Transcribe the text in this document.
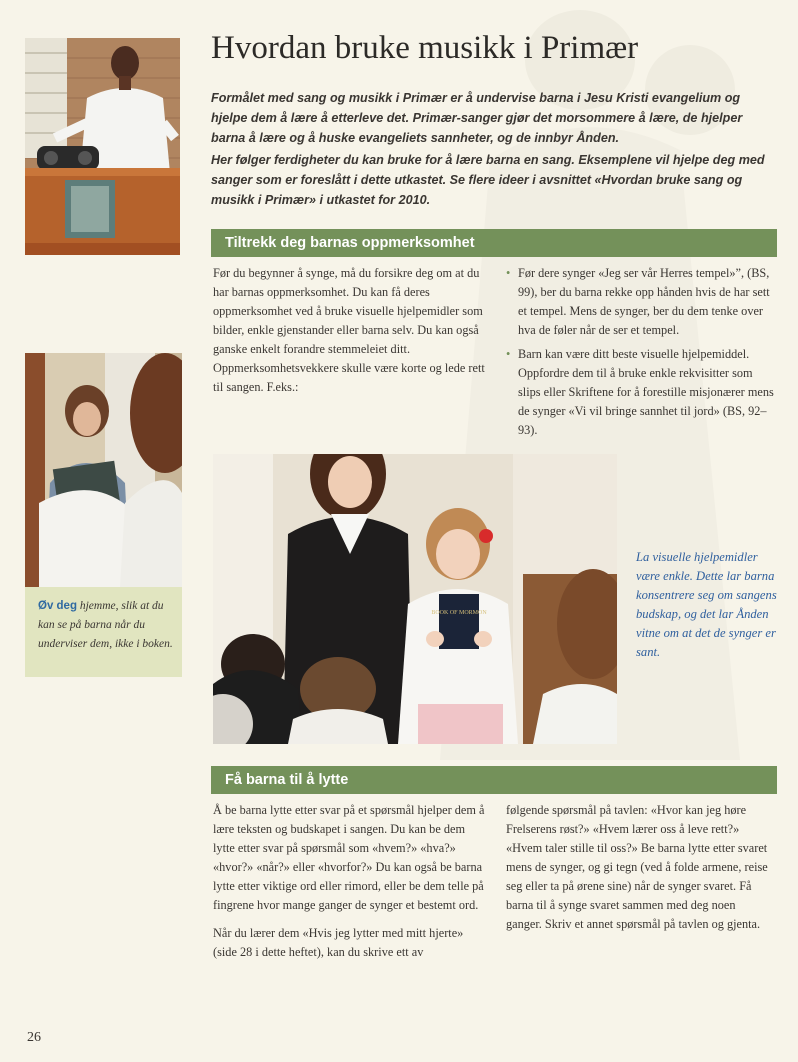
Øv deg hjemme, slik at du kan se på barna når du underviser dem, ikke i boken.

Hvordan bruke musikk i Primær

Formålet med sang og musikk i Primær er å undervise barna i Jesu Kristi evangelium og hjelpe dem å lære å etterleve det. Primær-sanger gjør det morsommere å lære, de hjelper barna å lære og å huske evangeliets sannheter, og de innbyr Ånden.

Her følger ferdigheter du kan bruke for å lære barna en sang. Eksemplene vil hjelpe deg med sanger som er foreslått i dette utkastet. Se flere ideer i avsnittet «Hvordan bruke sang og musikk i Primær» i utkastet for 2010.

Tiltrekk deg barnas oppmerksomhet

Før du begynner å synge, må du forsikre deg om at du har barnas oppmerksomhet. Du kan få deres oppmerksomhet ved å bruke visuelle hjelpemidler som bilder, enkle gjenstander eller barna selv. Du kan også ganske enkelt forandre stemmeleiet ditt. Oppmerksomhetsvekkere skulle være korte og lede rett til sangen. F.eks.:

• Før dere synger «Jeg ser vår Herres tempel»”, (BS, 99), ber du barna rekke opp hånden hvis de har sett et tempel. Mens de synger, ber du dem tenke over hva de føler når de ser et tempel.
• Barn kan være ditt beste visuelle hjelpemiddel. Oppfordre dem til å bruke enkle rekvisitter som slips eller Skriftene for å forestille misjonærer mens de synger «Vi vil bringe sannhet til jord» (BS, 92–93).
BOOK OF MORMON

La visuelle hjelpemidler være enkle. Dette lar barna konsentrere seg om sangens budskap, og det lar Ånden vitne om at det de synger er sant.

Få barna til å lytte

Å be barna lytte etter svar på et spørsmål hjelper dem å lære teksten og budskapet i sangen. Du kan be dem lytte etter svar på spørsmål som «hvem?» «hva?» «hvor?» «når?» eller «hvorfor?» Du kan også be barna lytte etter viktige ord eller rimord, eller be dem telle på fingrene hvor mange ganger de synger et bestemt ord.

Når du lærer dem «Hvis jeg lytter med mitt hjerte» (side 28 i dette heftet), kan du skrive ett av

følgende spørsmål på tavlen: «Hvor kan jeg høre Frelserens røst?» «Hvem lærer oss å leve rett?» «Hvem taler stille til oss?» Be barna lytte etter svaret mens de synger, og gi tegn (ved å folde armene, reise seg eller ta på ørene sine) når de synger svaret. Få barna til å synge svaret sammen med deg noen ganger. Skriv et annet spørsmål på tavlen og gjenta.

26
